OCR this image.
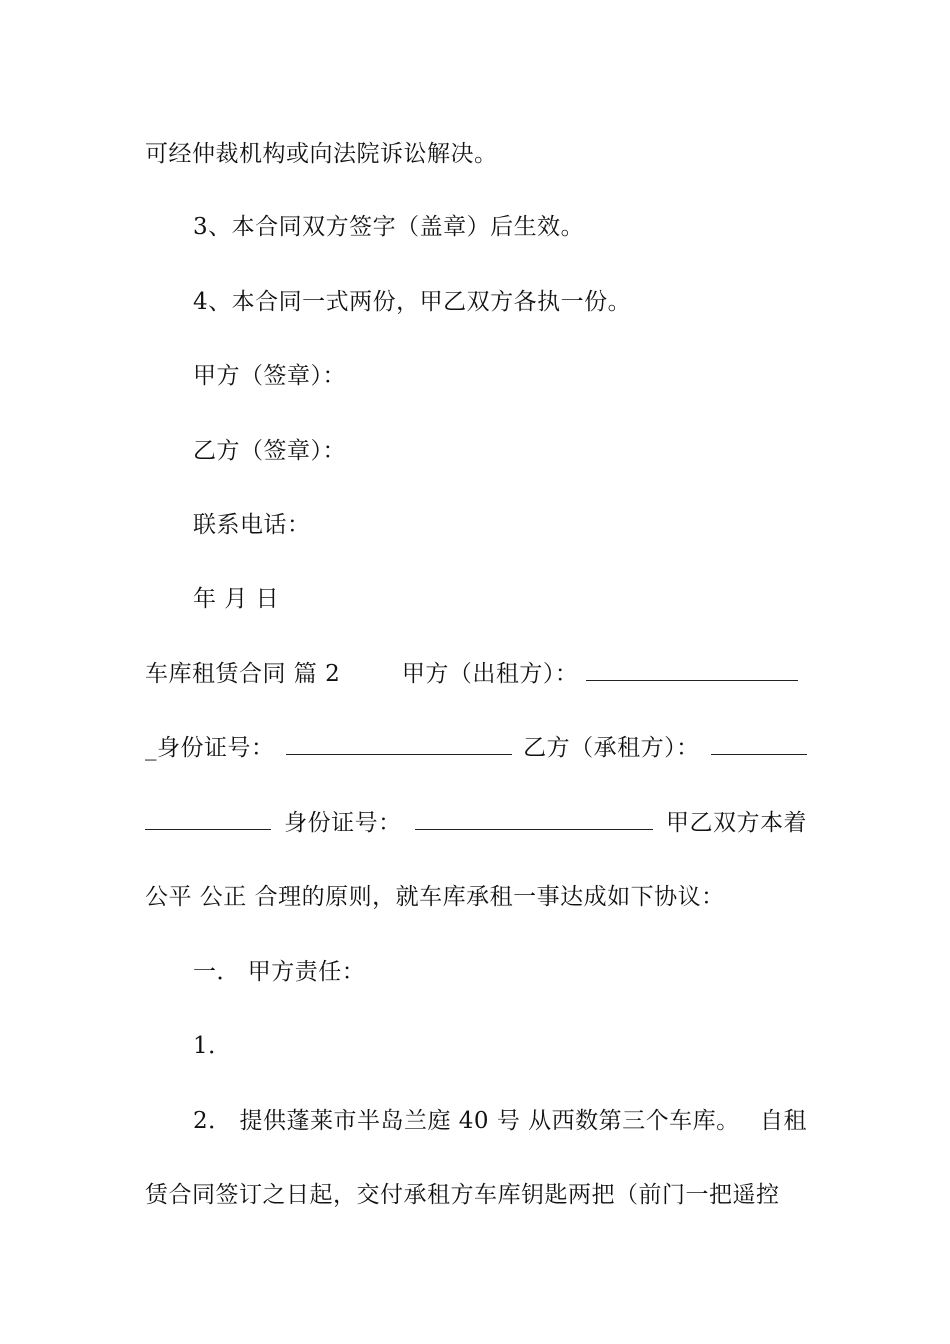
可经仲裁机构或向法院诉讼解决。
3、本合同双方签字（盖章）后生效。
4、本合同一式两份，甲乙双方各执一份。
甲方（签章）：
乙方（签章）：
联系电话：
年 月 日
车库租赁合同 篇 2	甲方（出租方）：
_身份证号：	乙方（承租方）：
身份证号：	甲乙双方本着
公平 公正 合理的原则，就车库承租一事达成如下协议：
一． 甲方责任：
1．
2． 提供蓬莱市半岛兰庭 40 号 从西数第三个车库。 自租
赁合同签订之日起，交付承租方车库钥匙两把（前门一把遥控
